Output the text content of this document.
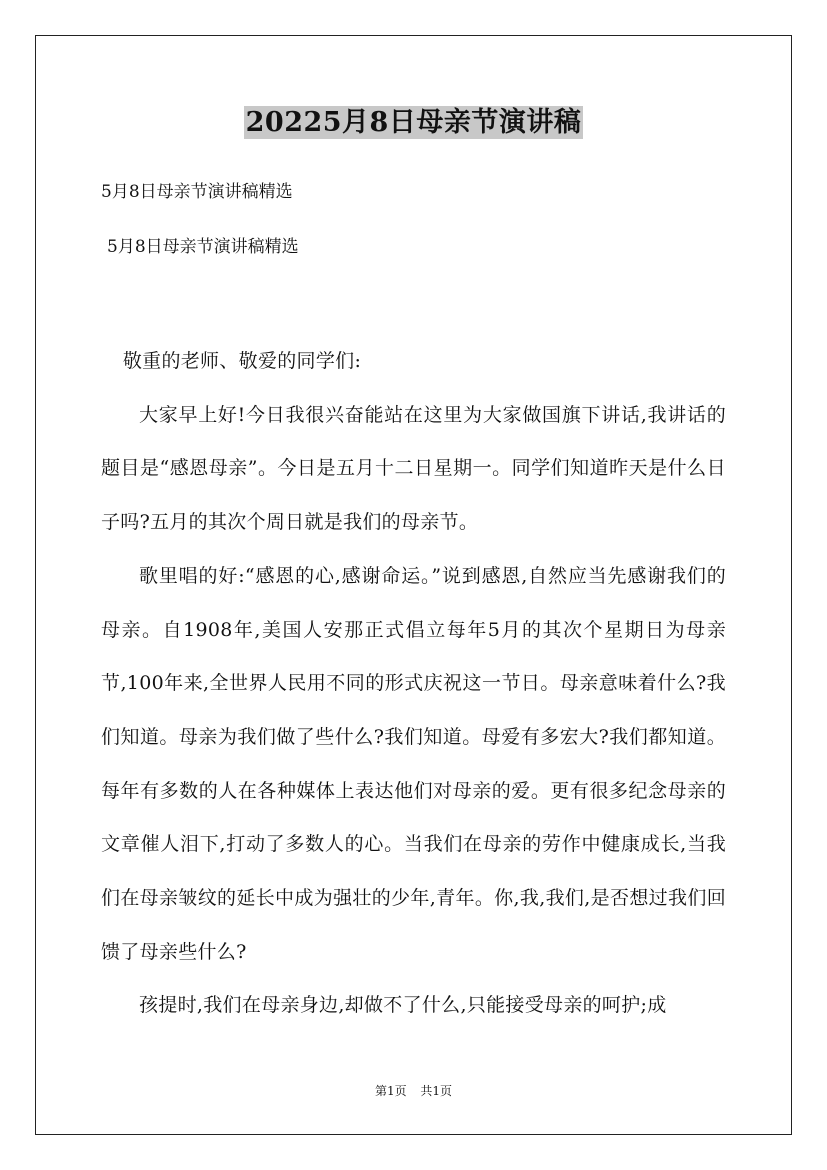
20225月8日母亲节演讲稿
5月8日母亲节演讲稿精选
5月8日母亲节演讲稿精选

敬重的老师、敬爱的同学们:

大家早上好!今日我很兴奋能站在这里为大家做国旗下讲话,我讲话的题目是“感恩母亲”。今日是五月十二日星期一。同学们知道昨天是什么日子吗?五月的其次个周日就是我们的母亲节。

歌里唱的好:“感恩的心,感谢命运。”说到感恩,自然应当先感谢我们的母亲。自1908年,美国人安那正式倡立每年5月的其次个星期日为母亲节,100年来,全世界人民用不同的形式庆祝这一节日。母亲意味着什么?我们知道。母亲为我们做了些什么?我们知道。母爱有多宏大?我们都知道。每年有多数的人在各种媒体上表达他们对母亲的爱。更有很多纪念母亲的文章催人泪下,打动了多数人的心。当我们在母亲的劳作中健康成长,当我们在母亲皱纹的延长中成为强壮的少年,青年。你,我,我们,是否想过我们回馈了母亲些什么?

孩提时,我们在母亲身边,却做不了什么,只能接受母亲的呵护;成

第1页 共1页
